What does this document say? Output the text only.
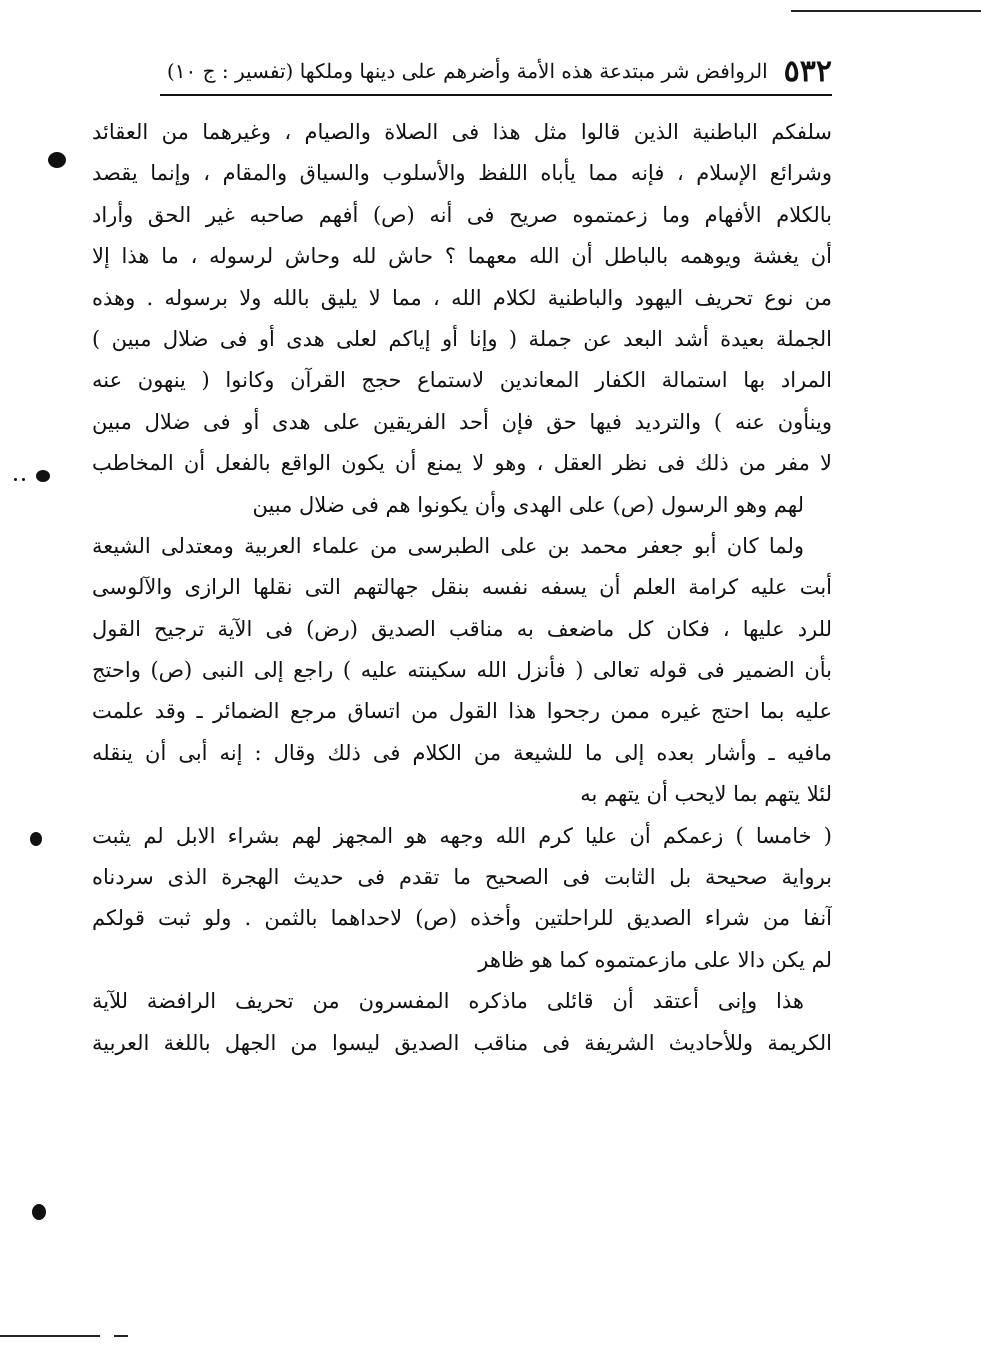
٥٣٢
الروافض شر مبتدعة هذه الأمة وأضرهم على دينها وملكها (تفسير : ج ١٠)
سلفكم الباطنية الذين قالوا مثل هذا فى الصلاة والصيام ، وغيرهما من العقائد
وشرائع الإسلام ، فإنه مما يأباه اللفظ والأسلوب والسياق والمقام ، وإنما يقصد
بالكلام الأفهام وما زعمتموه صريح فى أنه (ص) أفهم صاحبه غير الحق وأراد
أن يغشة ويوهمه بالباطل أن الله معهما ؟ حاش لله وحاش لرسوله ، ما هذا إلا
من نوع تحريف اليهود والباطنية لكلام الله ، مما لا يليق بالله ولا برسوله . وهذه
الجملة بعيدة أشد البعد عن جملة ( وإنا أو إياكم لعلى هدى أو فى ضلال مبين )
المراد بها استمالة الكفار المعاندين لاستماع حجج القرآن وكانوا ( ينهون عنه
وينأون عنه ) والترديد فيها حق فإن أحد الفريقين على هدى أو فى ضلال مبين
لا مفر من ذلك فى نظر العقل ، وهو لا يمنع أن يكون الواقع بالفعل أن المخاطب
لهم وهو الرسول (ص) على الهدى وأن يكونوا هم فى ضلال مبين
ولما كان أبو جعفر محمد بن على الطبرسى من علماء العربية ومعتدلى الشيعة
أبت عليه كرامة العلم أن يسفه نفسه بنقل جهالتهم التى نقلها الرازى والآلوسى
للرد عليها ، فكان كل ماضعف به مناقب الصديق (رض) فى الآية ترجيح القول
بأن الضمير فى قوله تعالى ( فأنزل الله سكينته عليه ) راجع إلى النبى (ص) واحتج
عليه بما احتج غيره ممن رجحوا هذا القول من اتساق مرجع الضمائر ـ وقد علمت
مافيه ـ وأشار بعده إلى ما للشيعة من الكلام فى ذلك وقال : إنه أبى أن ينقله
لئلا يتهم بما لايحب أن يتهم به
( خامسا ) زعمكم أن عليا كرم الله وجهه هو المجهز لهم بشراء الابل لم يثبت
برواية صحيحة بل الثابت فى الصحيح ما تقدم فى حديث الهجرة الذى سردناه
آنفا من شراء الصديق للراحلتين وأخذه (ص) لاحداهما بالثمن . ولو ثبت قولكم
لم يكن دالا على مازعمتموه كما هو ظاهر
هذا وإنى أعتقد أن قائلى ماذكره المفسرون من تحريف الرافضة للآية
الكريمة وللأحاديث الشريفة فى مناقب الصديق ليسوا من الجهل باللغة العربية
